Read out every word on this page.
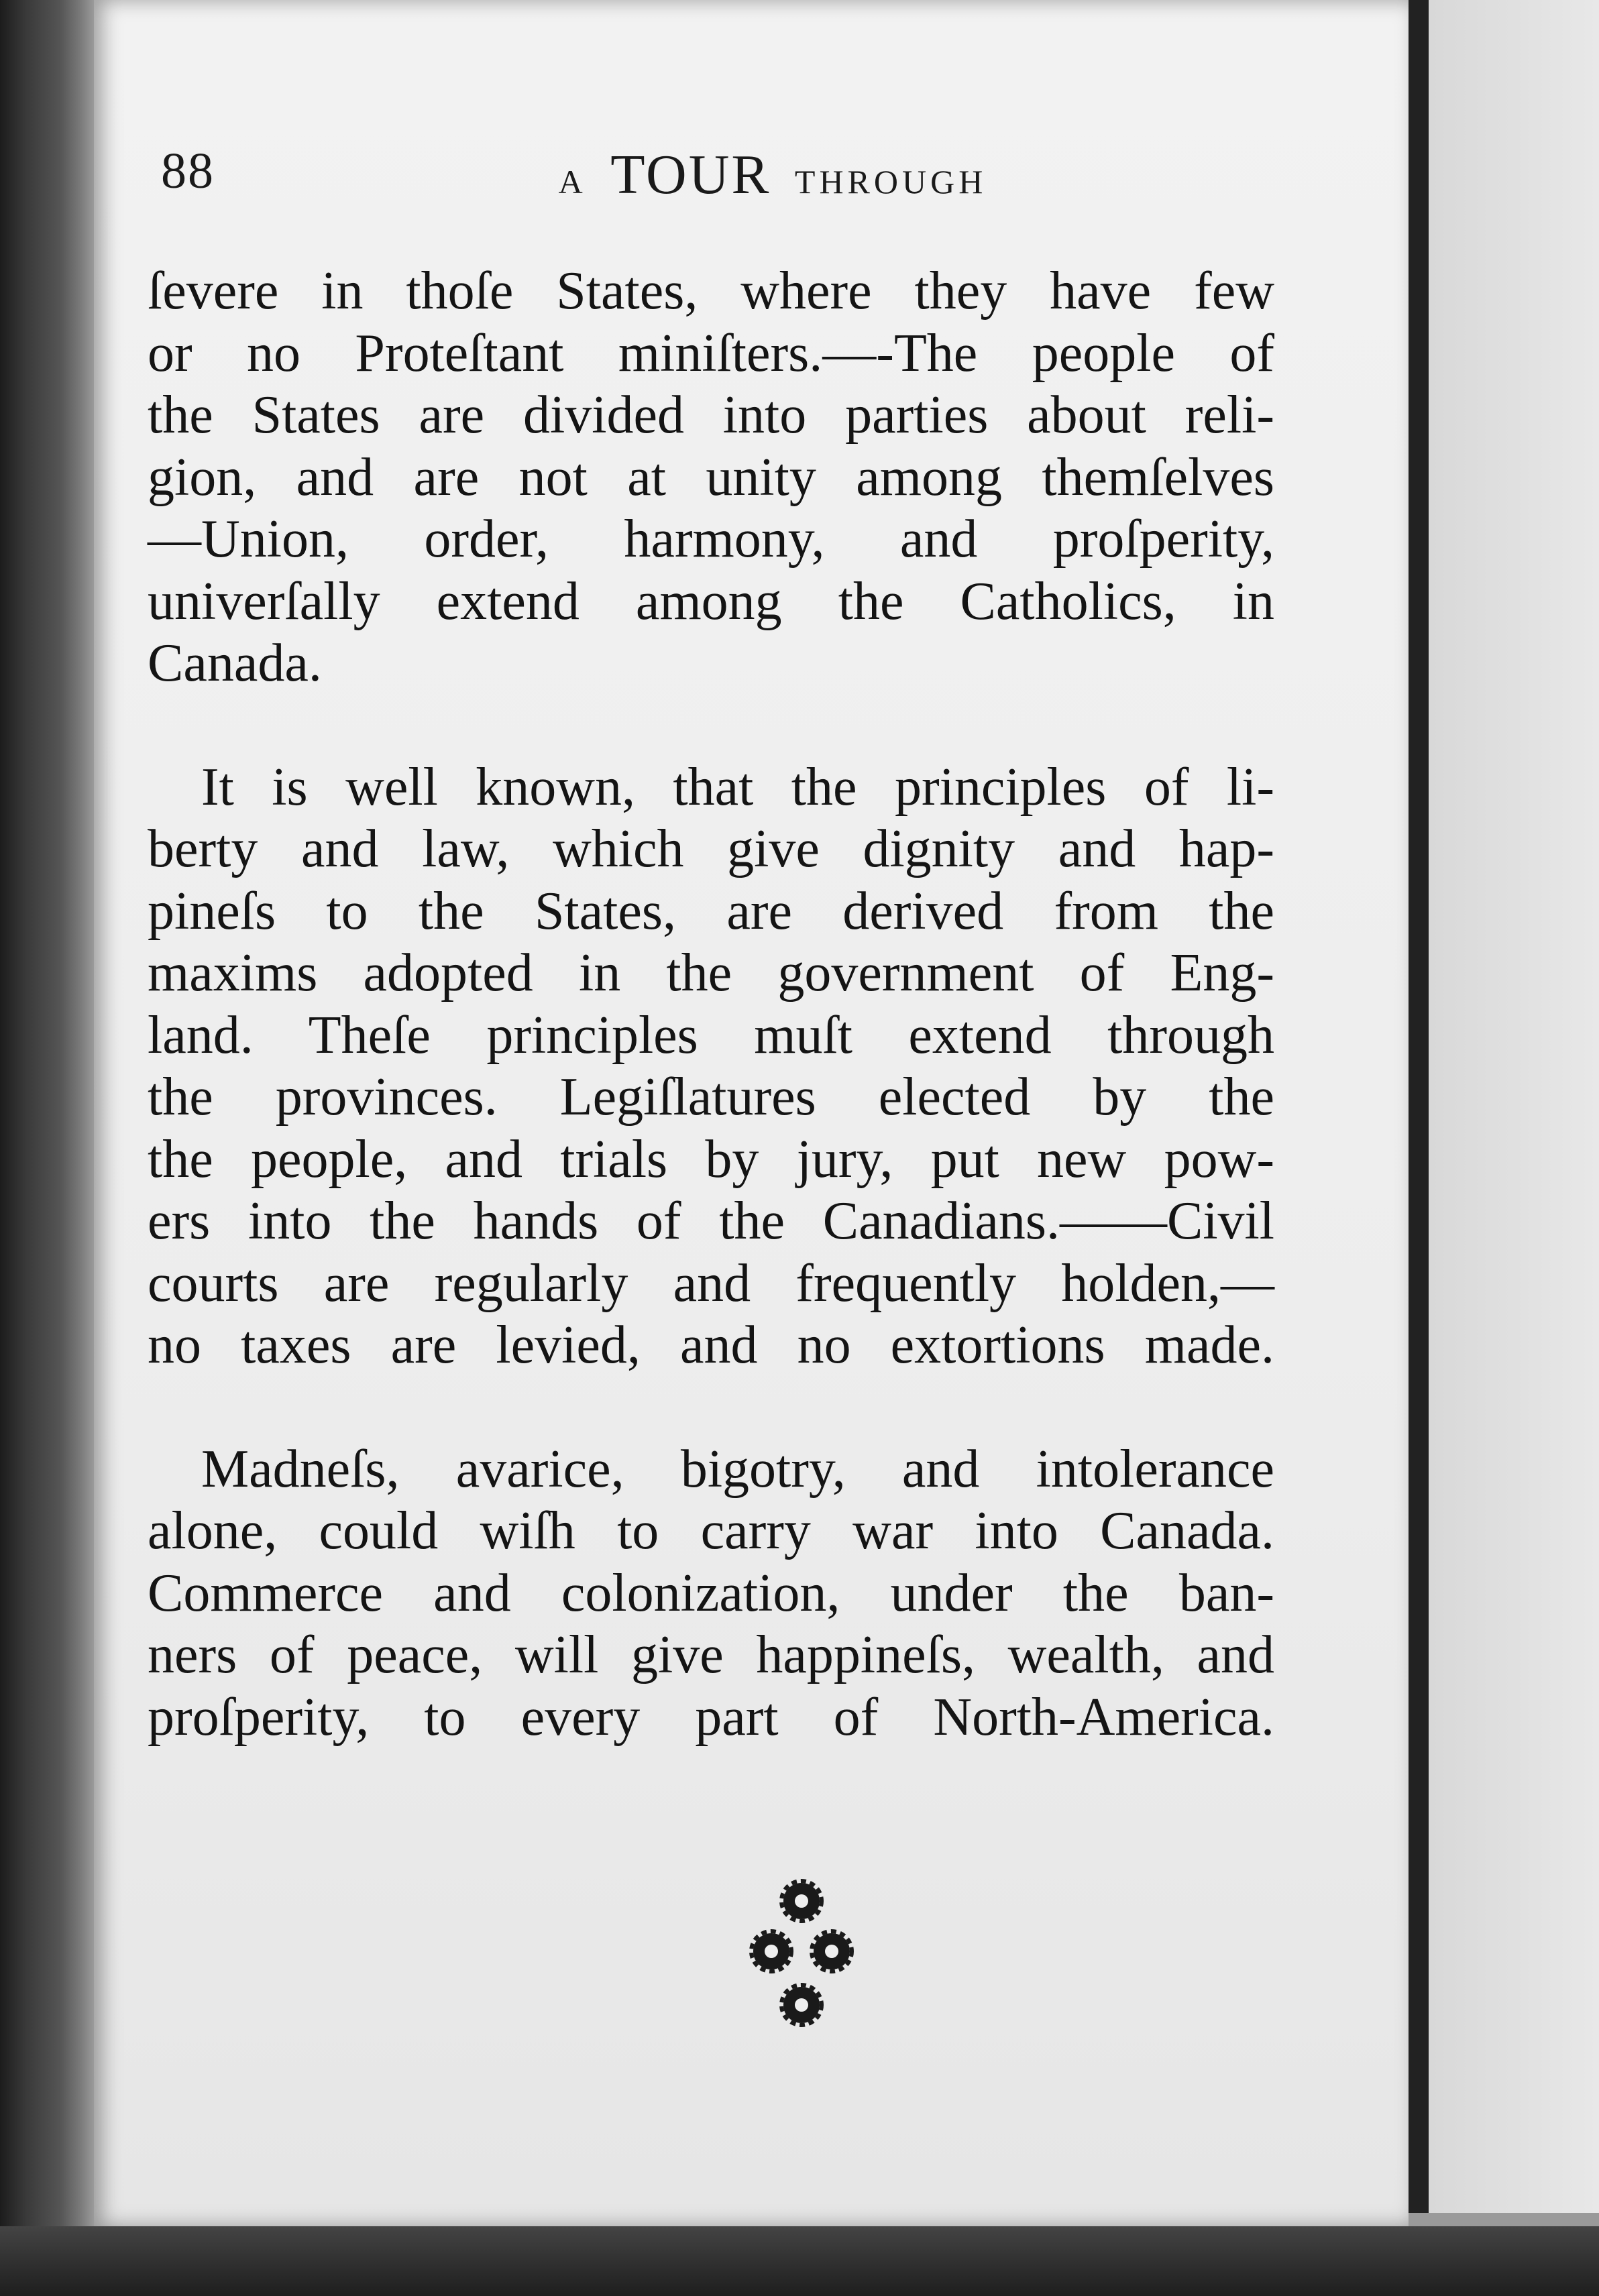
88	A TOUR THROUGH
ſevere in thoſe States, where they have few
or no Proteſtant miniſters.—-The people of
the States are divided into parties about reli-
gion, and are not at unity among themſelves
—Union, order, harmony, and proſperity,
univerſally extend among the Catholics, in
Canada.
It is well known, that the principles of li-
berty and law, which give dignity and hap-
pineſs to the States, are derived from the
maxims adopted in the government of Eng-
land. Theſe principles muſt extend through
the provinces. Legiſlatures elected by the
the people, and trials by jury, put new pow-
ers into the hands of the Canadians.——Civil
courts are regularly and frequently holden,—
no taxes are levied, and no extortions made.
Madneſs, avarice, bigotry, and intolerance
alone, could wiſh to carry war into Canada.
Commerce and colonization, under the ban-
ners of peace, will give happineſs, wealth, and
proſperity, to every part of North-America.
